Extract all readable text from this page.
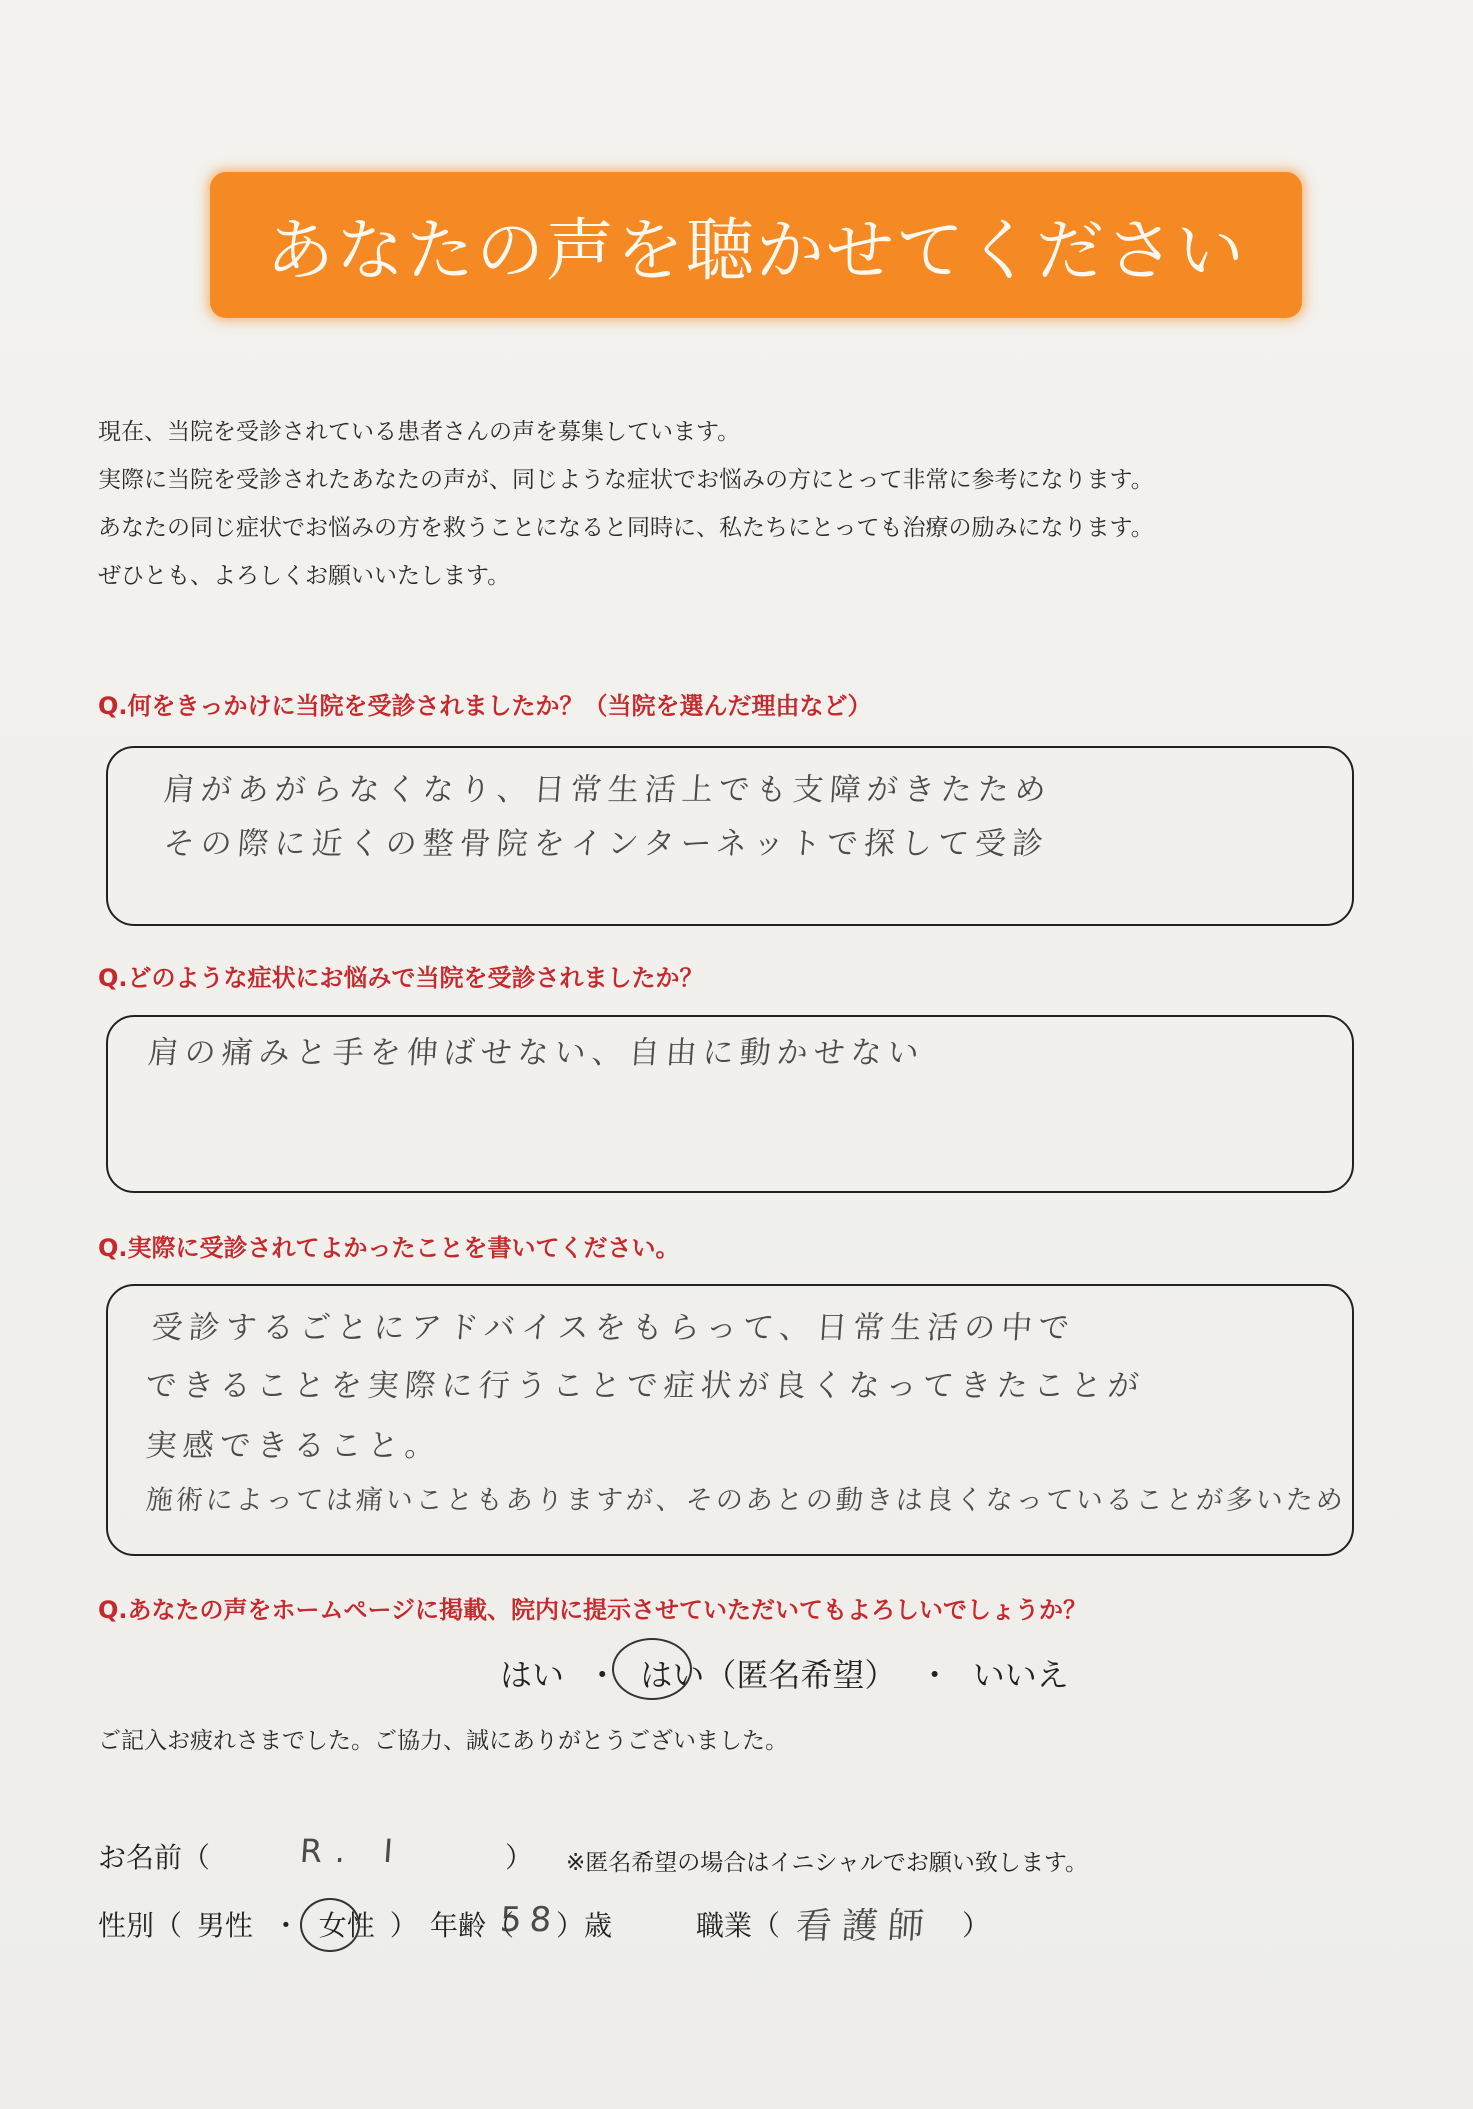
あなたの声を聴かせてください
現在、当院を受診されている患者さんの声を募集しています。
実際に当院を受診されたあなたの声が、同じような症状でお悩みの方にとって非常に参考になります。
あなたの同じ症状でお悩みの方を救うことになると同時に、私たちにとっても治療の励みになります。
ぜひとも、よろしくお願いいたします。
Q.何をきっかけに当院を受診されましたか？（当院を選んだ理由など）
肩があがらなくなり、日常生活上でも支障がきたため
その際に近くの整骨院をインターネットで探して受診
Q.どのような症状にお悩みで当院を受診されましたか？
肩の痛みと手を伸ばせない、自由に動かせない
Q.実際に受診されてよかったことを書いてください。
受診するごとにアドバイスをもらって、日常生活の中で
できることを実際に行うことで症状が良くなってきたことが
実感できること。
施術によっては痛いこともありますが、そのあとの動きは良くなっていることが多いため
Q.あなたの声をホームページに掲載、院内に提示させていただいてもよろしいでしょうか？
はい ・ はい（匿名希望） ・ いいえ
ご記入お疲れさまでした。ご協力、誠にありがとうございました。
お名前（	R. I	） ※匿名希望の場合はイニシャルでお願い致します。
性別（ 男性 ・ 女性 ） 年齢（
58
）歳	職業（ 看護師 ）
